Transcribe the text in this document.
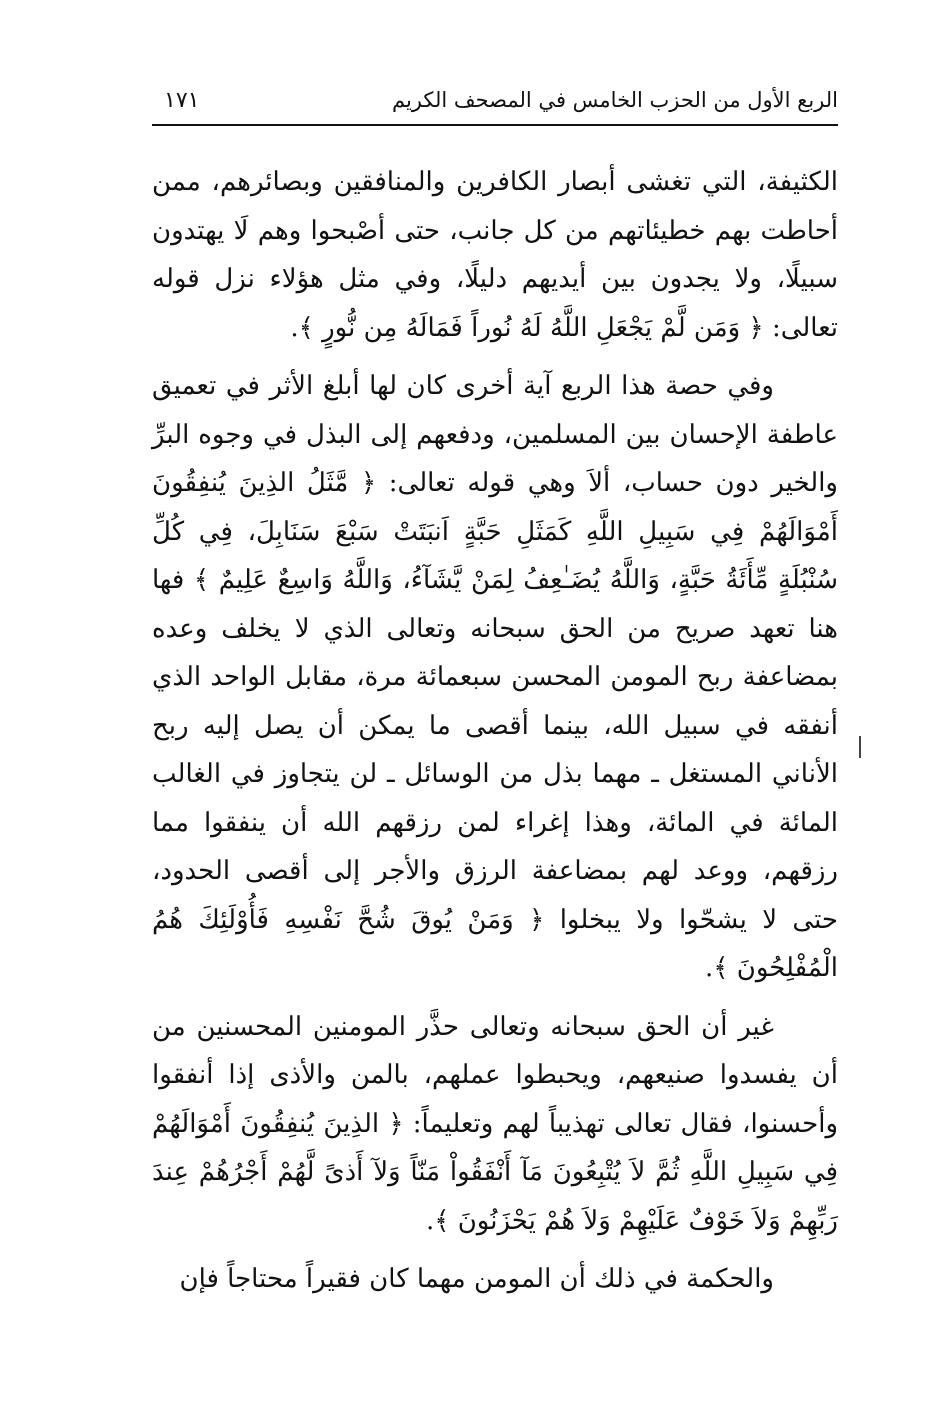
الربع الأول من الحزب الخامس في المصحف الكريم
١٧١

الكثيفة، التي تغشى أبصار الكافرين والمنافقين وبصائرهم، ممن أحاطت بهم خطيئاتهم من كل جانب، حتى أصْبحوا وهم لَا يهتدون سبيلًا، ولا يجدون بين أيديهم دليلًا، وفي مثل هؤلاء نزل قوله تعالى: ﴿ وَمَن لَّمْ يَجْعَلِ اللَّهُ لَهُ نُوراً فَمَالَهُ مِن نُّورٍ ﴾.

وفي حصة هذا الربع آية أخرى كان لها أبلغ الأثر في تعميق عاطفة الإحسان بين المسلمين، ودفعهم إلى البذل في وجوه البرِّ والخير دون حساب، ألاَ وهي قوله تعالى: ﴿ مَّثَلُ الذِينَ يُنفِقُونَ أَمْوَالَهُمْ فِي سَبِيلِ اللَّهِ كَمَثَلِ حَبَّةٍ اَنبَتَتْ سَبْعَ سَنَابِلَ، فِي كُلِّ سُنْبُلَةٍ مِّأَئَةُ حَبَّةٍ، وَاللَّهُ يُضَـٰعِفُ لِمَنْ يَّشَآءُ، وَاللَّهُ وَاسِعٌ عَلِيمٌ ﴾ فها هنا تعهد صريح من الحق سبحانه وتعالى الذي لا يخلف وعده بمضاعفة ربح المومن المحسن سبعمائة مرة، مقابل الواحد الذي أنفقه في سبيل الله، بينما أقصى ما يمكن أن يصل إليه ربح الأناني المستغل ـ مهما بذل من الوسائل ـ لن يتجاوز في الغالب المائة في المائة، وهذا إغراء لمن رزقهم الله أن ينفقوا مما رزقهم، ووعد لهم بمضاعفة الرزق والأجر إلى أقصى الحدود، حتى لا يشحّوا ولا يبخلوا ﴿ وَمَنْ يُوقَ شُحَّ نَفْسِهِ فَأُوْلَئِكَ هُمُ الْمُفْلِحُونَ ﴾.

غير أن الحق سبحانه وتعالى حذَّر المومنين المحسنين من أن يفسدوا صنيعهم، ويحبطوا عملهم، بالمن والأذى إذا أنفقوا وأحسنوا، فقال تعالى تهذيباً لهم وتعليماً: ﴿ الذِينَ يُنفِقُونَ أَمْوَالَهُمْ فِي سَبِيلِ اللَّهِ ثُمَّ لاَ يُتْبِعُونَ مَآ أَنْفَقُواْ مَنّاً وَلآ أَذىً لَّهُمْ أَجْرُهُمْ عِندَ رَبِّهِمْ وَلاَ خَوْفٌ عَلَيْهِمْ وَلاَ هُمْ يَحْزَنُونَ ﴾.

والحكمة في ذلك أن المومن مهما كان فقيراً محتاجاً فإن
